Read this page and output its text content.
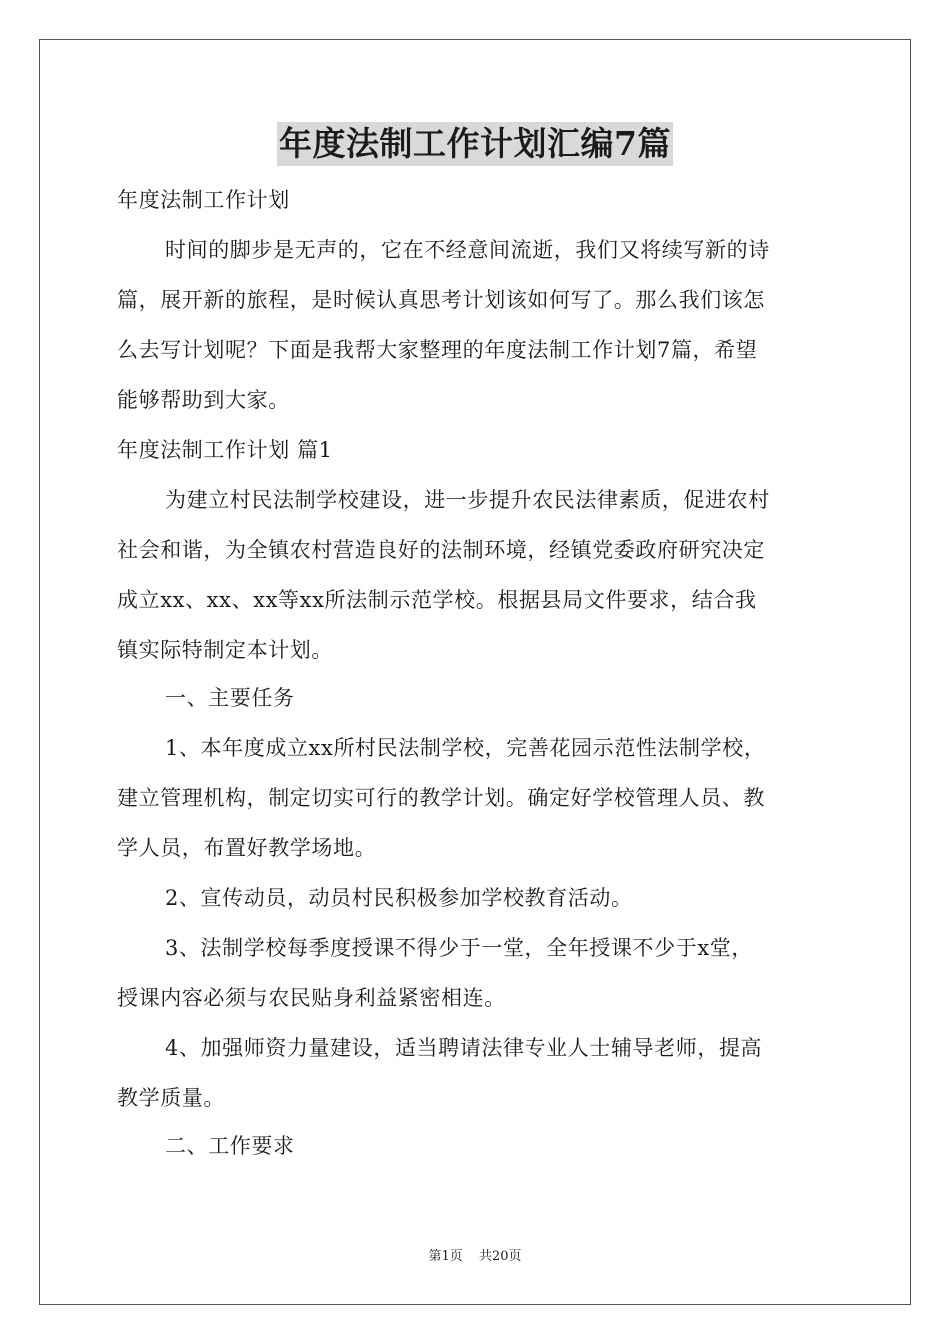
年度法制工作计划汇编7篇
年度法制工作计划
时间的脚步是无声的，它在不经意间流逝，我们又将续写新的诗
篇，展开新的旅程，是时候认真思考计划该如何写了。那么我们该怎
么去写计划呢？下面是我帮大家整理的年度法制工作计划7篇，希望
能够帮助到大家。
年度法制工作计划 篇1
为建立村民法制学校建设，进一步提升农民法律素质，促进农村
社会和谐，为全镇农村营造良好的法制环境，经镇党委政府研究决定
成立xx、xx、xx等xx所法制示范学校。根据县局文件要求，结合我
镇实际特制定本计划。
一、主要任务
1、本年度成立xx所村民法制学校，完善花园示范性法制学校，
建立管理机构，制定切实可行的教学计划。确定好学校管理人员、教
学人员，布置好教学场地。
2、宣传动员，动员村民积极参加学校教育活动。
3、法制学校每季度授课不得少于一堂，全年授课不少于x堂，
授课内容必须与农民贴身利益紧密相连。
4、加强师资力量建设，适当聘请法律专业人士辅导老师，提高
教学质量。
二、工作要求
第1页 共20页
